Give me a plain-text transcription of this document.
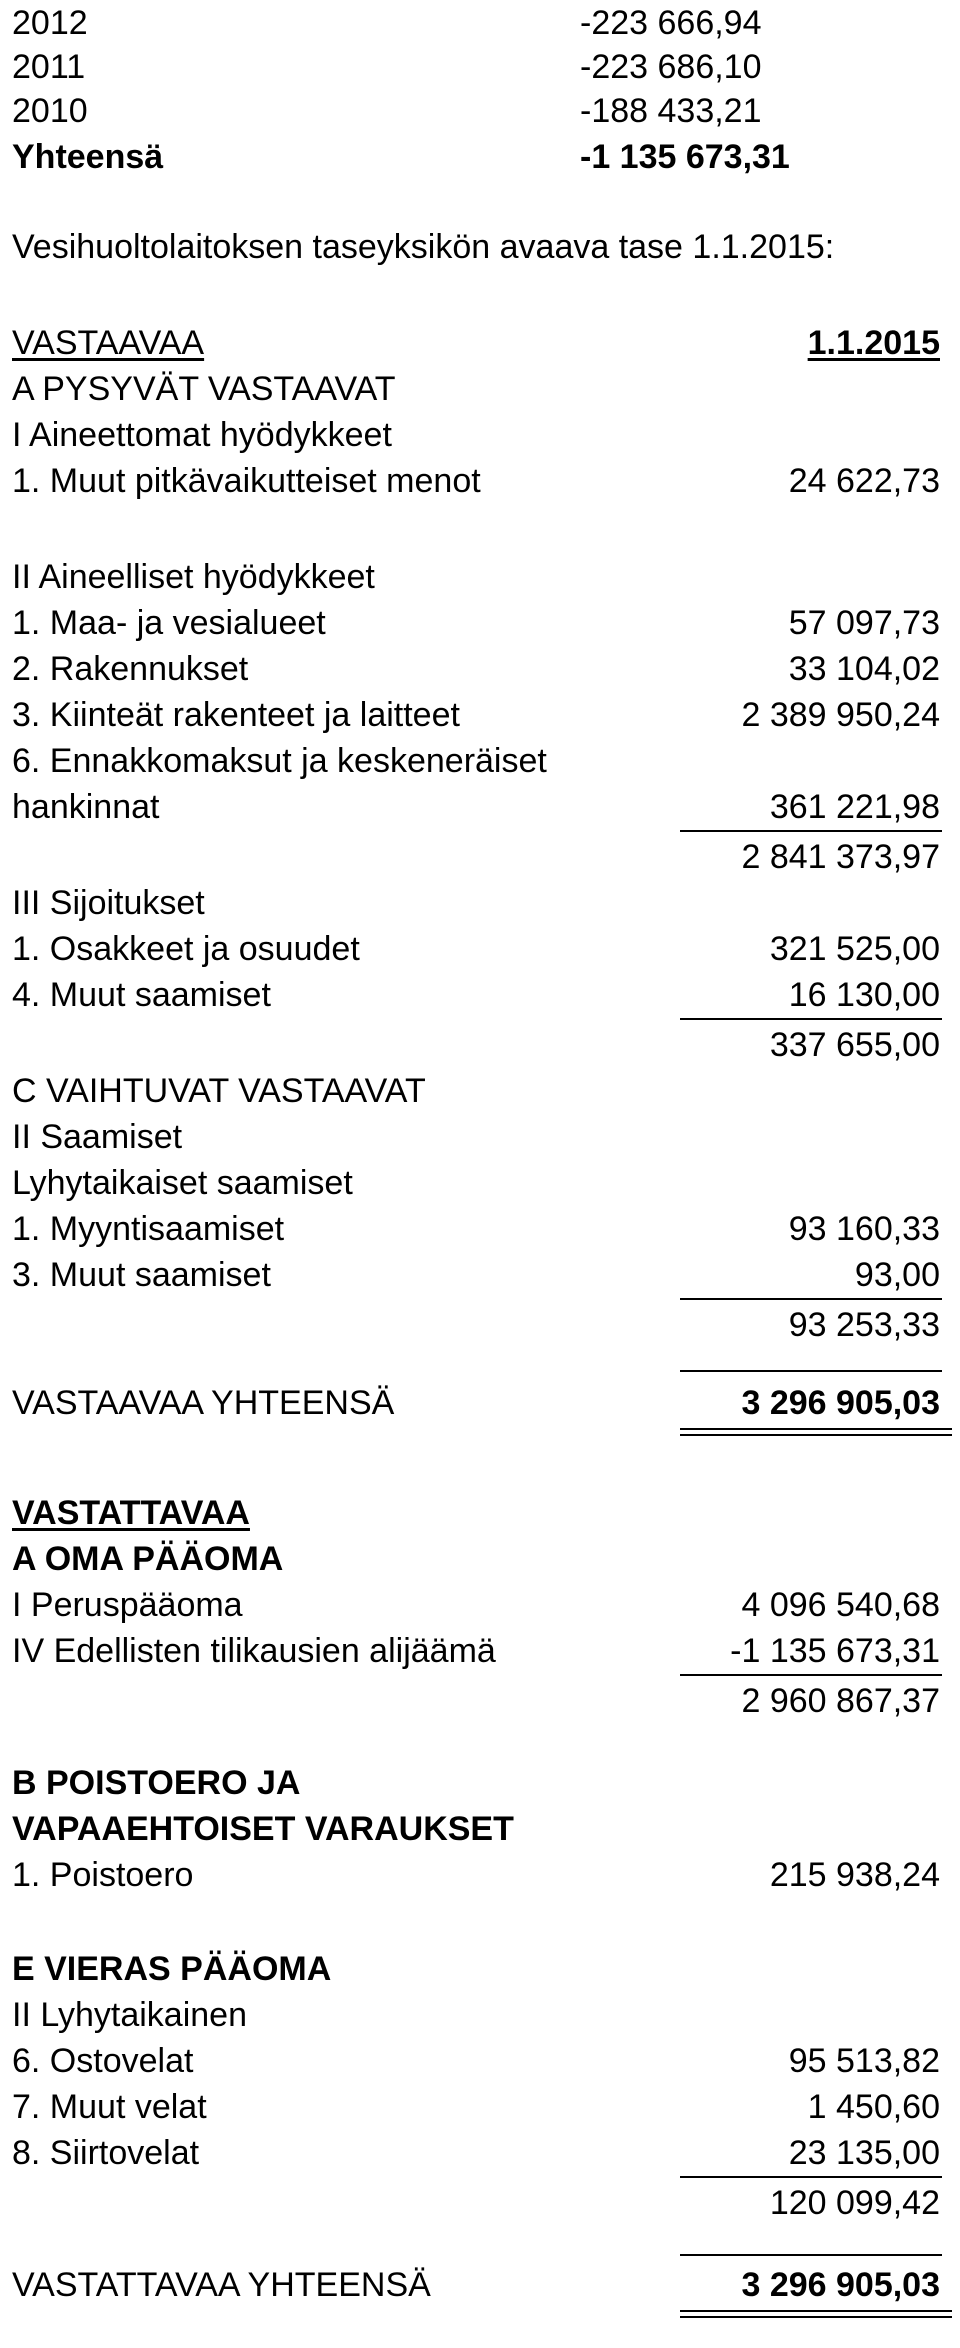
2012	-223 666,94
2011	-223 686,10
2010	-188 433,21
Yhteensä	-1 135 673,31
Vesihuoltolaitoksen taseyksikön avaava tase 1.1.2015:
VASTAAVAA	1.1.2015
A PYSYVÄT VASTAAVAT
I Aineettomat hyödykkeet
1. Muut pitkävaikutteiset menot	24 622,73
II Aineelliset hyödykkeet
1. Maa- ja vesialueet	57 097,73
2. Rakennukset	33 104,02
3. Kiinteät rakenteet ja laitteet	2 389 950,24
6. Ennakkomaksut ja keskeneräiset
hankinnat	361 221,98
2 841 373,97
III Sijoitukset
1. Osakkeet ja osuudet	321 525,00
4. Muut saamiset	16 130,00
337 655,00
C VAIHTUVAT VASTAAVAT
II Saamiset
Lyhytaikaiset saamiset
1. Myyntisaamiset	93 160,33
3. Muut saamiset	93,00
93 253,33
VASTAAVAA YHTEENSÄ	3 296 905,03
VASTATTAVAA
A OMA PÄÄOMA
I Peruspääoma	4 096 540,68
IV Edellisten tilikausien alijäämä	-1 135 673,31
2 960 867,37
B POISTOERO JA
VAPAAEHTOISET VARAUKSET
1. Poistoero	215 938,24
E VIERAS PÄÄOMA
II Lyhytaikainen
6. Ostovelat	95 513,82
7. Muut velat	1 450,60
8. Siirtovelat	23 135,00
120 099,42
VASTATTAVAA YHTEENSÄ	3 296 905,03
